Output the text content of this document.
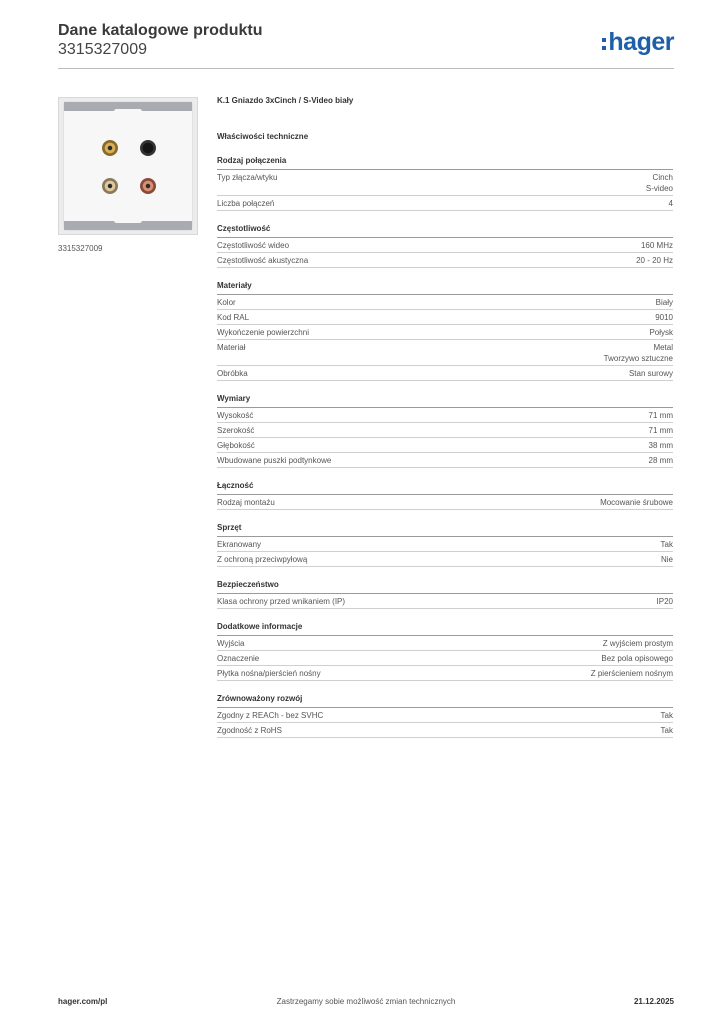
Dane katalogowe produktu
3315327009	hager
3315327009
K.1 Gniazdo 3xCinch / S-Video biały
Właściwości techniczne
Rodzaj połączenia
Typ złącza/wtyku	Cinch
S-video
Liczba połączeń	4
Częstotliwość
Częstotliwość wideo	160 MHz
Częstotliwość akustyczna	20 - 20 Hz
Materiały
Kolor	Biały
Kod RAL	9010
Wykończenie powierzchni	Połysk
Materiał	Metal
Tworzywo sztuczne
Obróbka	Stan surowy
Wymiary
Wysokość	71 mm
Szerokość	71 mm
Głębokość	38 mm
Wbudowane puszki podtynkowe	28 mm
Łączność
Rodzaj montażu	Mocowanie śrubowe
Sprzęt
Ekranowany	Tak
Z ochroną przeciwpyłową	Nie
Bezpieczeństwo
Klasa ochrony przed wnikaniem (IP)	IP20
Dodatkowe informacje
Wyjścia	Z wyjściem prostym
Oznaczenie	Bez pola opisowego
Płytka nośna/pierścień nośny	Z pierścieniem nośnym
Zrównoważony rozwój
Zgodny z REACh - bez SVHC	Tak
Zgodność z RoHS	Tak
hager.com/pl	Zastrzegamy sobie możliwość zmian technicznych	21.12.2025
